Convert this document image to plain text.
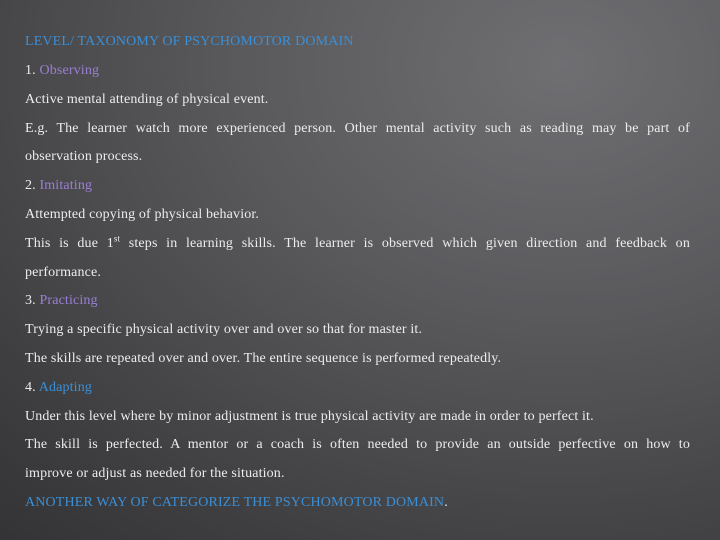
LEVEL/ TAXONOMY OF PSYCHOMOTOR DOMAIN
1. Observing
Active mental attending of physical event.
E.g. The learner watch more experienced person. Other mental activity such as reading may be part of
observation process.
2. Imitating
Attempted copying of physical behavior.
This is due 1st steps in learning skills. The learner is observed which given direction and feedback on
performance.
3. Practicing
Trying a specific physical activity over and over so that for master it.
The skills are repeated over and over. The entire sequence is performed repeatedly.
4. Adapting
Under this level where by minor adjustment is true physical activity are made in order to perfect it.
The skill is perfected. A mentor or a coach is often needed to provide an outside perfective on how to
improve or adjust as needed for the situation.
ANOTHER WAY OF CATEGORIZE THE PSYCHOMOTOR DOMAIN.
